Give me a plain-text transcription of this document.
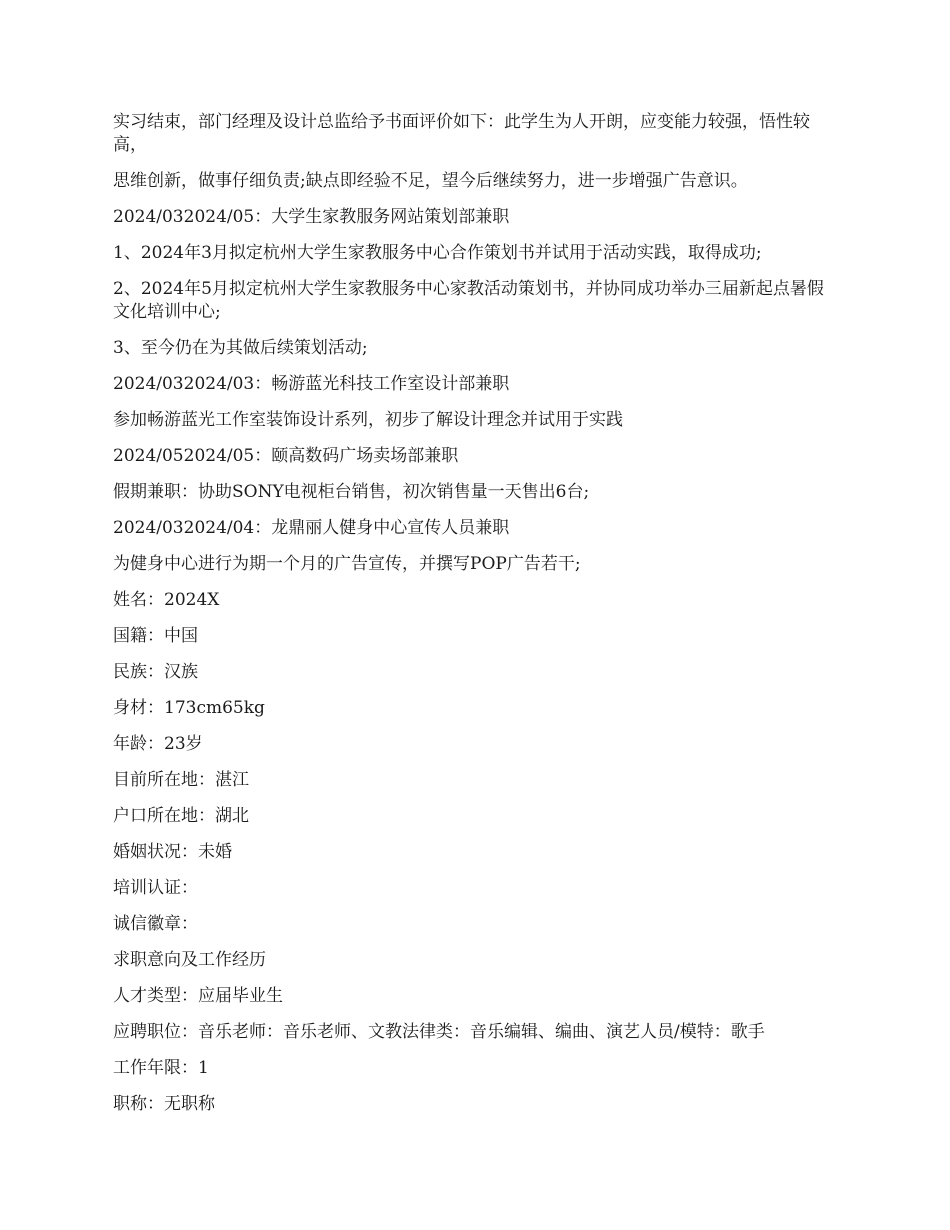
实习结束，部门经理及设计总监给予书面评价如下：此学生为人开朗，应变能力较强，悟性较高，

思维创新，做事仔细负责;缺点即经验不足，望今后继续努力，进一步增强广告意识。

2024/032024/05：大学生家教服务网站策划部兼职

1、2024年3月拟定杭州大学生家教服务中心合作策划书并试用于活动实践，取得成功;

2、2024年5月拟定杭州大学生家教服务中心家教活动策划书，并协同成功举办三届新起点暑假文化培训中心;

3、至今仍在为其做后续策划活动;

2024/032024/03：畅游蓝光科技工作室设计部兼职

参加畅游蓝光工作室装饰设计系列，初步了解设计理念并试用于实践

2024/052024/05：颐高数码广场卖场部兼职

假期兼职：协助SONY电视柜台销售，初次销售量一天售出6台;

2024/032024/04：龙鼎丽人健身中心宣传人员兼职

为健身中心进行为期一个月的广告宣传，并撰写POP广告若干;

姓名：2024X

国籍：中国

民族：汉族

身材：173cm65kg

年龄：23岁

目前所在地：湛江

户口所在地：湖北

婚姻状况：未婚

培训认证：

诚信徽章：

求职意向及工作经历

人才类型：应届毕业生

应聘职位：音乐老师：音乐老师、文教法律类：音乐编辑、编曲、演艺人员/模特：歌手

工作年限：1

职称：无职称
